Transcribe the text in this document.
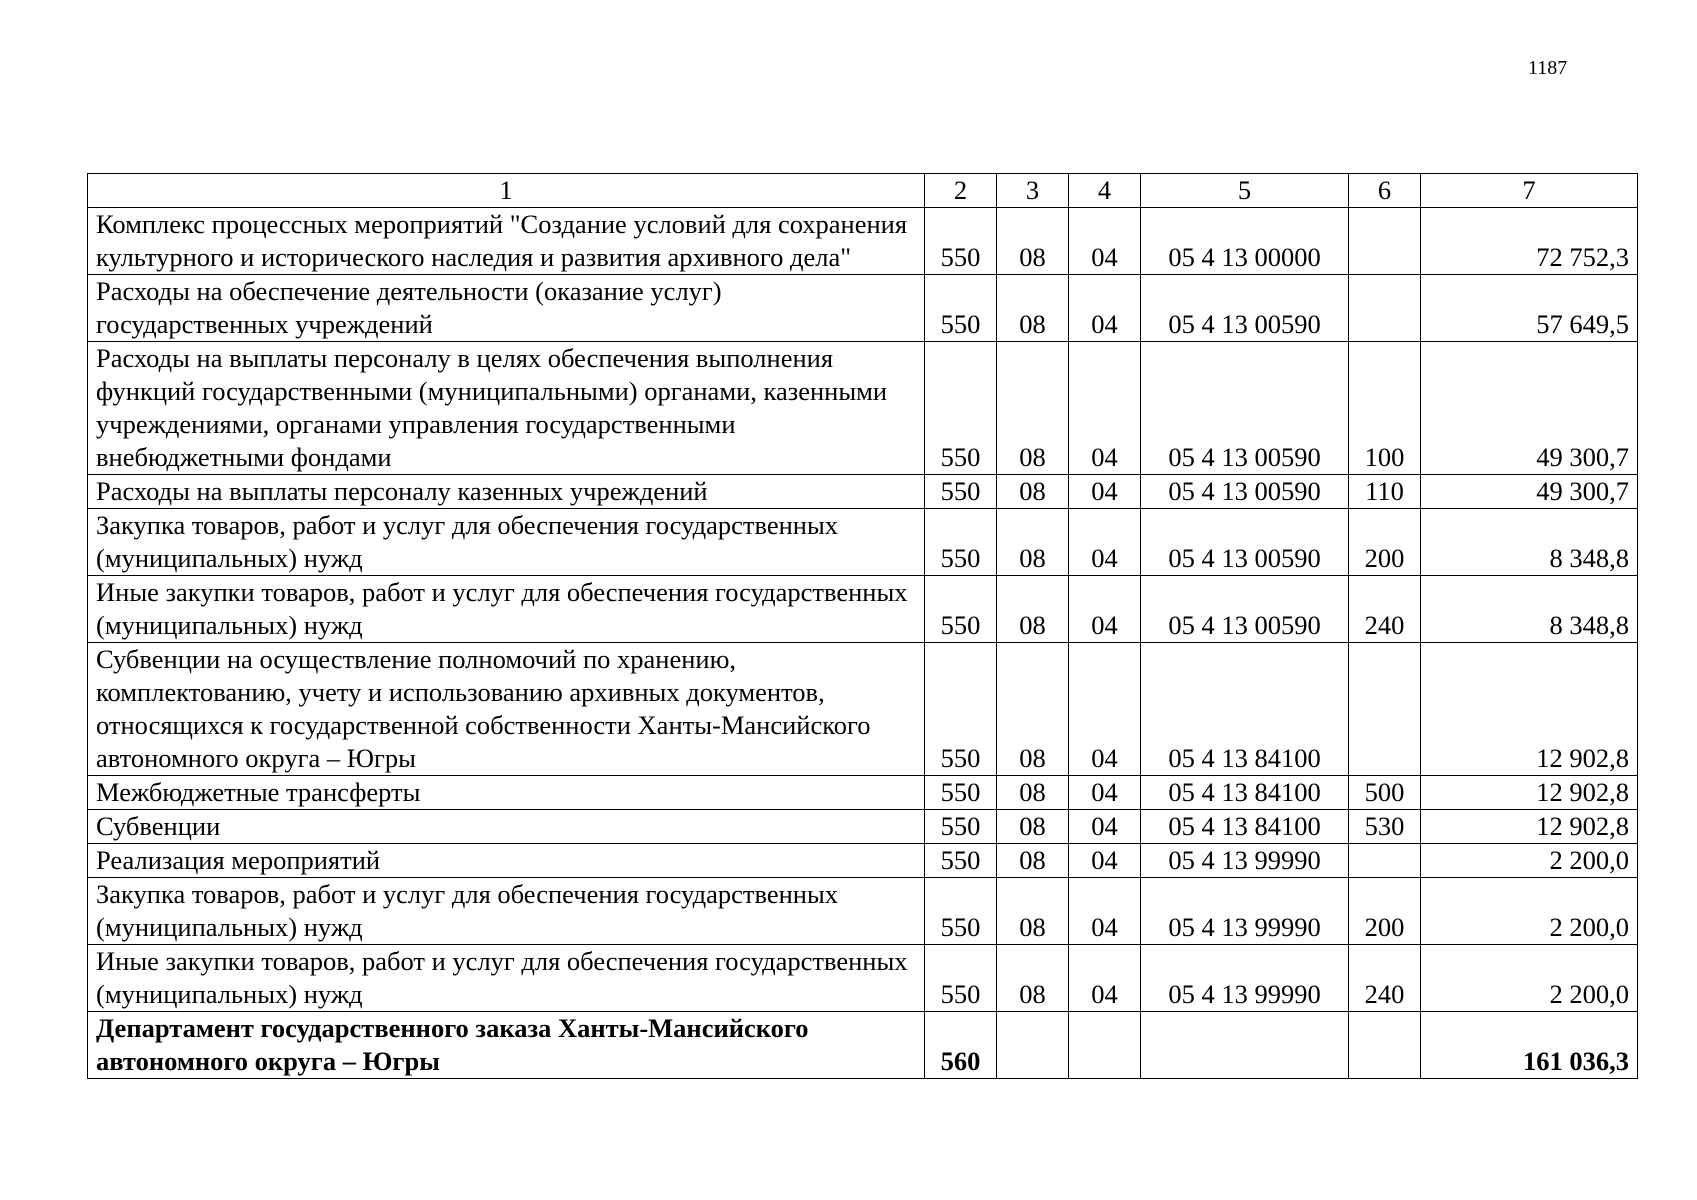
1187
1	2	3	4	5	6	7
Комплекс процессных мероприятий "Создание условий для сохранения культурного и исторического наследия и развития архивного дела"	550	08	04	05 4 13 00000		72 752,3
Расходы на обеспечение деятельности (оказание услуг) государственных учреждений	550	08	04	05 4 13 00590		57 649,5
Расходы на выплаты персоналу в целях обеспечения выполнения функций государственными (муниципальными) органами, казенными учреждениями, органами управления государственными внебюджетными фондами	550	08	04	05 4 13 00590	100	49 300,7
Расходы на выплаты персоналу казенных учреждений	550	08	04	05 4 13 00590	110	49 300,7
Закупка товаров, работ и услуг для обеспечения государственных (муниципальных) нужд	550	08	04	05 4 13 00590	200	8 348,8
Иные закупки товаров, работ и услуг для обеспечения государственных (муниципальных) нужд	550	08	04	05 4 13 00590	240	8 348,8
Субвенции на осуществление полномочий по хранению, комплектованию, учету и использованию архивных документов, относящихся к государственной собственности Ханты-Мансийского автономного округа – Югры	550	08	04	05 4 13 84100		12 902,8
Межбюджетные трансферты	550	08	04	05 4 13 84100	500	12 902,8
Субвенции	550	08	04	05 4 13 84100	530	12 902,8
Реализация мероприятий	550	08	04	05 4 13 99990		2 200,0
Закупка товаров, работ и услуг для обеспечения государственных (муниципальных) нужд	550	08	04	05 4 13 99990	200	2 200,0
Иные закупки товаров, работ и услуг для обеспечения государственных (муниципальных) нужд	550	08	04	05 4 13 99990	240	2 200,0
Департамент государственного заказа Ханты-Мансийского автономного округа – Югры	560					161 036,3
